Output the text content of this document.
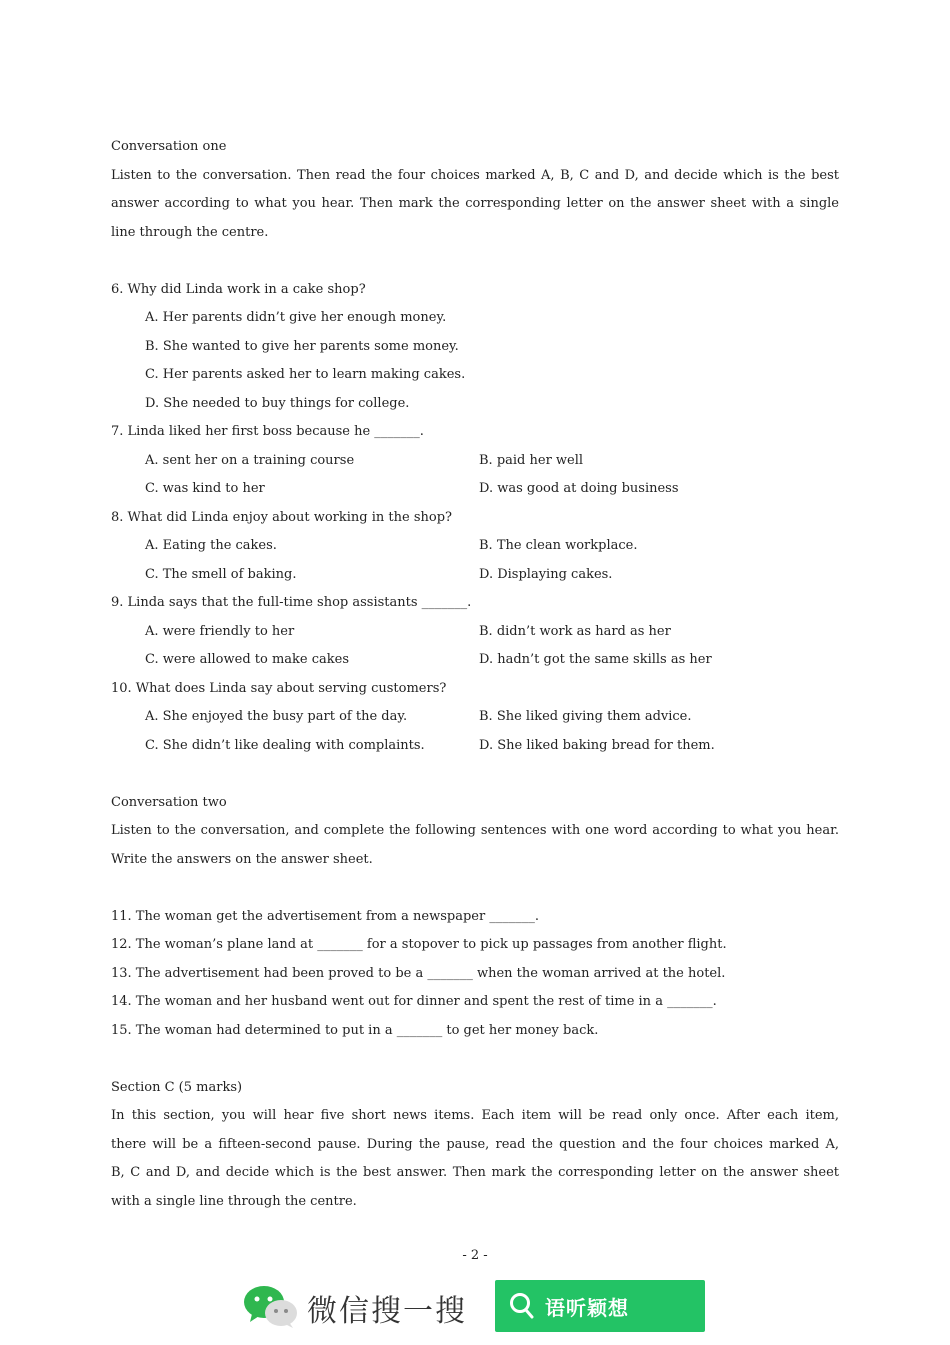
Conversation one
Listen to the conversation. Then read the four choices marked A, B, C and D, and decide which is the best
answer according to what you hear. Then mark the corresponding letter on the answer sheet with a single
line through the centre.
6. Why did Linda work in a cake shop?
A. Her parents didn’t give her enough money.
B. She wanted to give her parents some money.
C. Her parents asked her to learn making cakes.
D. She needed to buy things for college.
7. Linda liked her first boss because he _______.
A. sent her on a training course	B. paid her well
C. was kind to her	D. was good at doing business
8. What did Linda enjoy about working in the shop?
A. Eating the cakes.	B. The clean workplace.
C. The smell of baking.	D. Displaying cakes.
9. Linda says that the full-time shop assistants _______.
A. were friendly to her	B. didn’t work as hard as her
C. were allowed to make cakes	D. hadn’t got the same skills as her
10. What does Linda say about serving customers?
A. She enjoyed the busy part of the day.	B. She liked giving them advice.
C. She didn’t like dealing with complaints.	D. She liked baking bread for them.
Conversation two
Listen to the conversation, and complete the following sentences with one word according to what you hear.
Write the answers on the answer sheet.
11. The woman get the advertisement from a newspaper _______.
12. The woman’s plane land at _______ for a stopover to pick up passages from another flight.
13. The advertisement had been proved to be a _______ when the woman arrived at the hotel.
14. The woman and her husband went out for dinner and spent the rest of time in a _______.
15. The woman had determined to put in a _______ to get her money back.
Section C (5 marks)
In this section, you will hear five short news items. Each item will be read only once. After each item,
there will be a fifteen-second pause. During the pause, read the question and the four choices marked A,
B, C and D, and decide which is the best answer. Then mark the corresponding letter on the answer sheet
with a single line through the centre.
- 2 -
微信搜一搜	语听颖想
